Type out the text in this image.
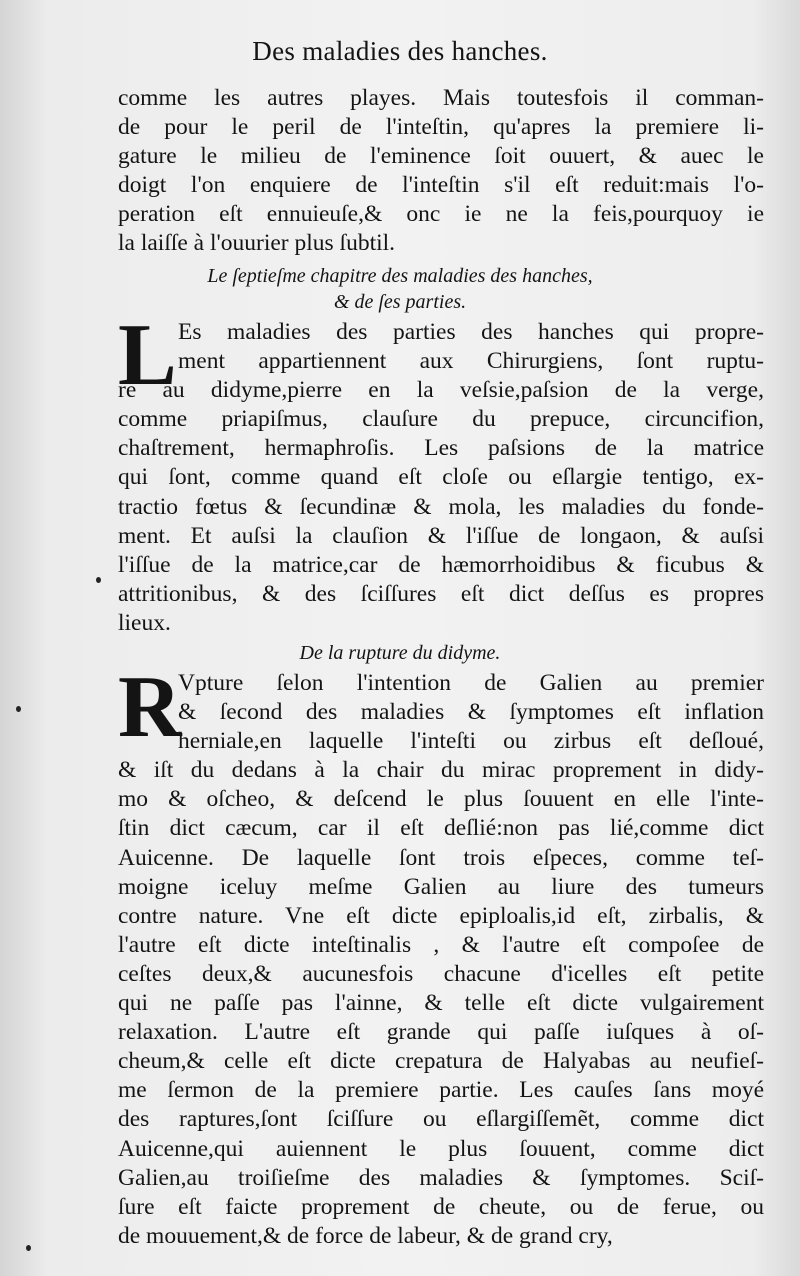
Des maladies des hanches.
comme les autres playes. Mais toutesfois il comman-
de pour le peril de l'inteſtin, qu'apres la premiere li-
gature le milieu de l'eminence ſoit ouuert, & auec le
doigt l'on enquiere de l'inteſtin s'il eſt reduit:mais l'o-
peration eſt ennuieuſe,& onc ie ne la feis,pourquoy ie
la laiſſe à l'ouurier plus ſubtil.
Le ſeptieſme chapitre des maladies des hanches,
& de ſes parties.
L Es maladies des parties des hanches qui propre-
ment appartiennent aux Chirurgiens, ſont ruptu-
re au didyme,pierre en la veſsie,paſsion de la verge,
comme priapiſmus, clauſure du prepuce, circuncifion,
chaſtrement, hermaphroſis. Les paſsions de la matrice
qui ſont, comme quand eſt cloſe ou eſlargie tentigo, ex-
tractio fœtus & ſecundinæ & mola, les maladies du fonde-
ment. Et auſsi la clauſion & l'iſſue de longaon, & auſsi
l'iſſue de la matrice,car de hæmorrhoidibus & ficubus &
attritionibus, & des ſciſſures eſt dict deſſus es propres
lieux.
De la rupture du didyme.
R
Vpture ſelon l'intention de Galien au premier
& ſecond des maladies & ſymptomes eſt inflation
herniale,en laquelle l'inteſti ou zirbus eſt deſloué,
& iſt du dedans à la chair du mirac proprement in didy-
mo & oſcheo, & deſcend le plus ſouuent en elle l'inte-
ſtin dict cæcum, car il eſt deſlié:non pas lié,comme dict
Auicenne. De laquelle ſont trois eſpeces, comme teſ-
moigne iceluy meſme Galien au liure des tumeurs
contre nature. Vne eſt dicte epiploalis,id eſt, zirbalis, &
l'autre eſt dicte inteſtinalis , & l'autre eſt compoſee de
ceſtes deux,& aucunesfois chacune d'icelles eſt petite
qui ne paſſe pas l'ainne, & telle eſt dicte vulgairement
relaxation. L'autre eſt grande qui paſſe iuſques à oſ-
cheum,& celle eſt dicte crepatura de Halyabas au neufieſ-
me ſermon de la premiere partie. Les cauſes ſans moyé
des raptures,ſont ſciſſure ou eſlargiſſemẽt, comme dict
Auicenne,qui auiennent le plus ſouuent, comme dict
Galien,au troiſieſme des maladies & ſymptomes. Sciſ-
ſure eſt faicte proprement de cheute, ou de ferue, ou
de mouuement,& de force de labeur, & de grand cry,
